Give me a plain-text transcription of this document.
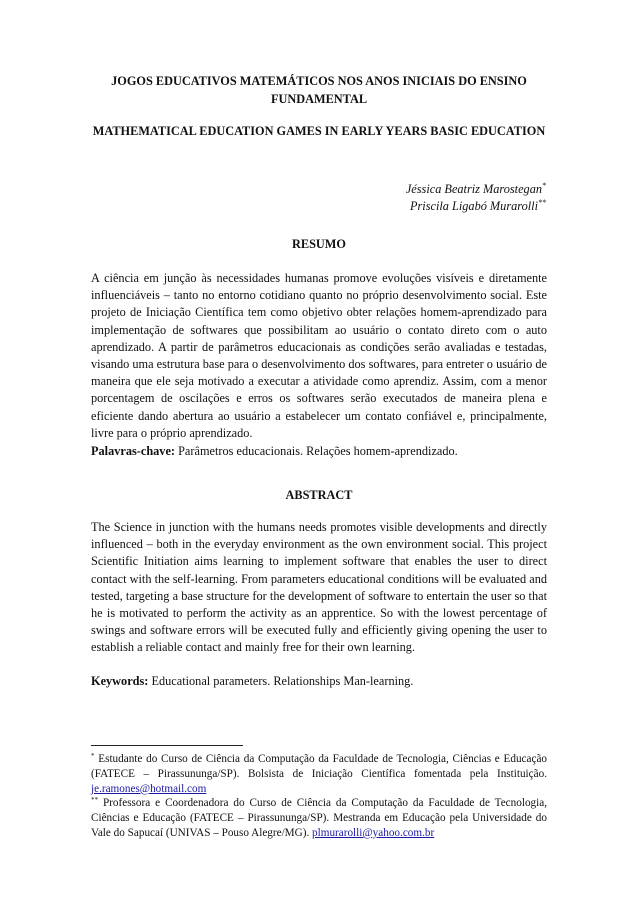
JOGOS EDUCATIVOS MATEMÁTICOS NOS ANOS INICIAIS DO ENSINO FUNDAMENTAL
MATHEMATICAL EDUCATION GAMES IN EARLY YEARS BASIC EDUCATION
Jéssica Beatriz Marostegan*
Priscila Ligabó Murarolli**
RESUMO

A ciência em junção às necessidades humanas promove evoluções visíveis e diretamente influenciáveis – tanto no entorno cotidiano quanto no próprio desenvolvimento social. Este projeto de Iniciação Científica tem como objetivo obter relações homem-aprendizado para implementação de softwares que possibilitam ao usuário o contato direto com o auto aprendizado. A partir de parâmetros educacionais as condições serão avaliadas e testadas, visando uma estrutura base para o desenvolvimento dos softwares, para entreter o usuário de maneira que ele seja motivado a executar a atividade como aprendiz. Assim, com a menor porcentagem de oscilações e erros os softwares serão executados de maneira plena e eficiente dando abertura ao usuário a estabelecer um contato confiável e, principalmente, livre para o próprio aprendizado.

Palavras-chave: Parâmetros educacionais. Relações homem-aprendizado.

ABSTRACT

The Science in junction with the humans needs promotes visible developments and directly influenced – both in the everyday environment as the own environment social. This project Scientific Initiation aims learning to implement software that enables the user to direct contact with the self-learning. From parameters educational conditions will be evaluated and tested, targeting a base structure for the development of software to entertain the user so that he is motivated to perform the activity as an apprentice. So with the lowest percentage of swings and software errors will be executed fully and efficiently giving opening the user to establish a reliable contact and mainly free for their own learning.

Keywords: Educational parameters. Relationships Man-learning.

* Estudante do Curso de Ciência da Computação da Faculdade de Tecnologia, Ciências e Educação (FATECE – Pirassununga/SP). Bolsista de Iniciação Científica fomentada pela Instituição. je.ramones@hotmail.com

** Professora e Coordenadora do Curso de Ciência da Computação da Faculdade de Tecnologia, Ciências e Educação (FATECE – Pirassununga/SP). Mestranda em Educação pela Universidade do Vale do Sapucaí (UNIVAS – Pouso Alegre/MG). plmurarolli@yahoo.com.br
